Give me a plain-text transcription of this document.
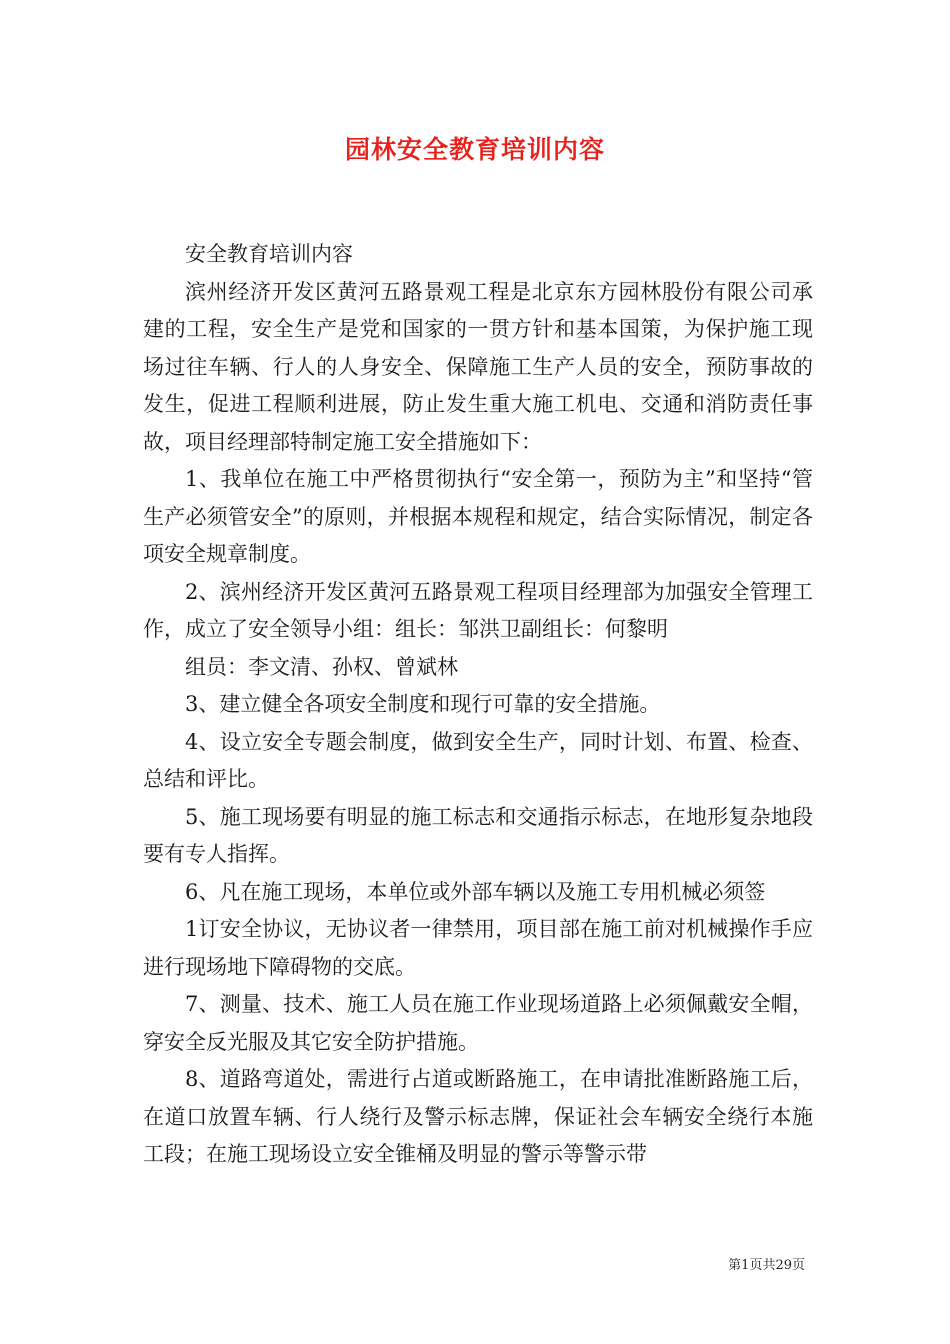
园林安全教育培训内容

安全教育培训内容

滨州经济开发区黄河五路景观工程是北京东方园林股份有限公司承建的工程，安全生产是党和国家的一贯方针和基本国策，为保护施工现场过往车辆、行人的人身安全、保障施工生产人员的安全，预防事故的发生，促进工程顺利进展，防止发生重大施工机电、交通和消防责任事故，项目经理部特制定施工安全措施如下：

1、我单位在施工中严格贯彻执行“安全第一，预防为主”和坚持“管生产必须管安全”的原则，并根据本规程和规定，结合实际情况，制定各项安全规章制度。

2、滨州经济开发区黄河五路景观工程项目经理部为加强安全管理工作，成立了安全领导小组：组长：邹洪卫副组长：何黎明

组员：李文清、孙权、曾斌林

3、建立健全各项安全制度和现行可靠的安全措施。

4、设立安全专题会制度，做到安全生产，同时计划、布置、检查、总结和评比。

5、施工现场要有明显的施工标志和交通指示标志，在地形复杂地段要有专人指挥。

6、凡在施工现场，本单位或外部车辆以及施工专用机械必须签

1订安全协议，无协议者一律禁用，项目部在施工前对机械操作手应进行现场地下障碍物的交底。

7、测量、技术、施工人员在施工作业现场道路上必须佩戴安全帽，穿安全反光服及其它安全防护措施。

8、道路弯道处，需进行占道或断路施工，在申请批准断路施工后，在道口放置车辆、行人绕行及警示标志牌，保证社会车辆安全绕行本施工段；在施工现场设立安全锥桶及明显的警示等警示带

第1页共29页
